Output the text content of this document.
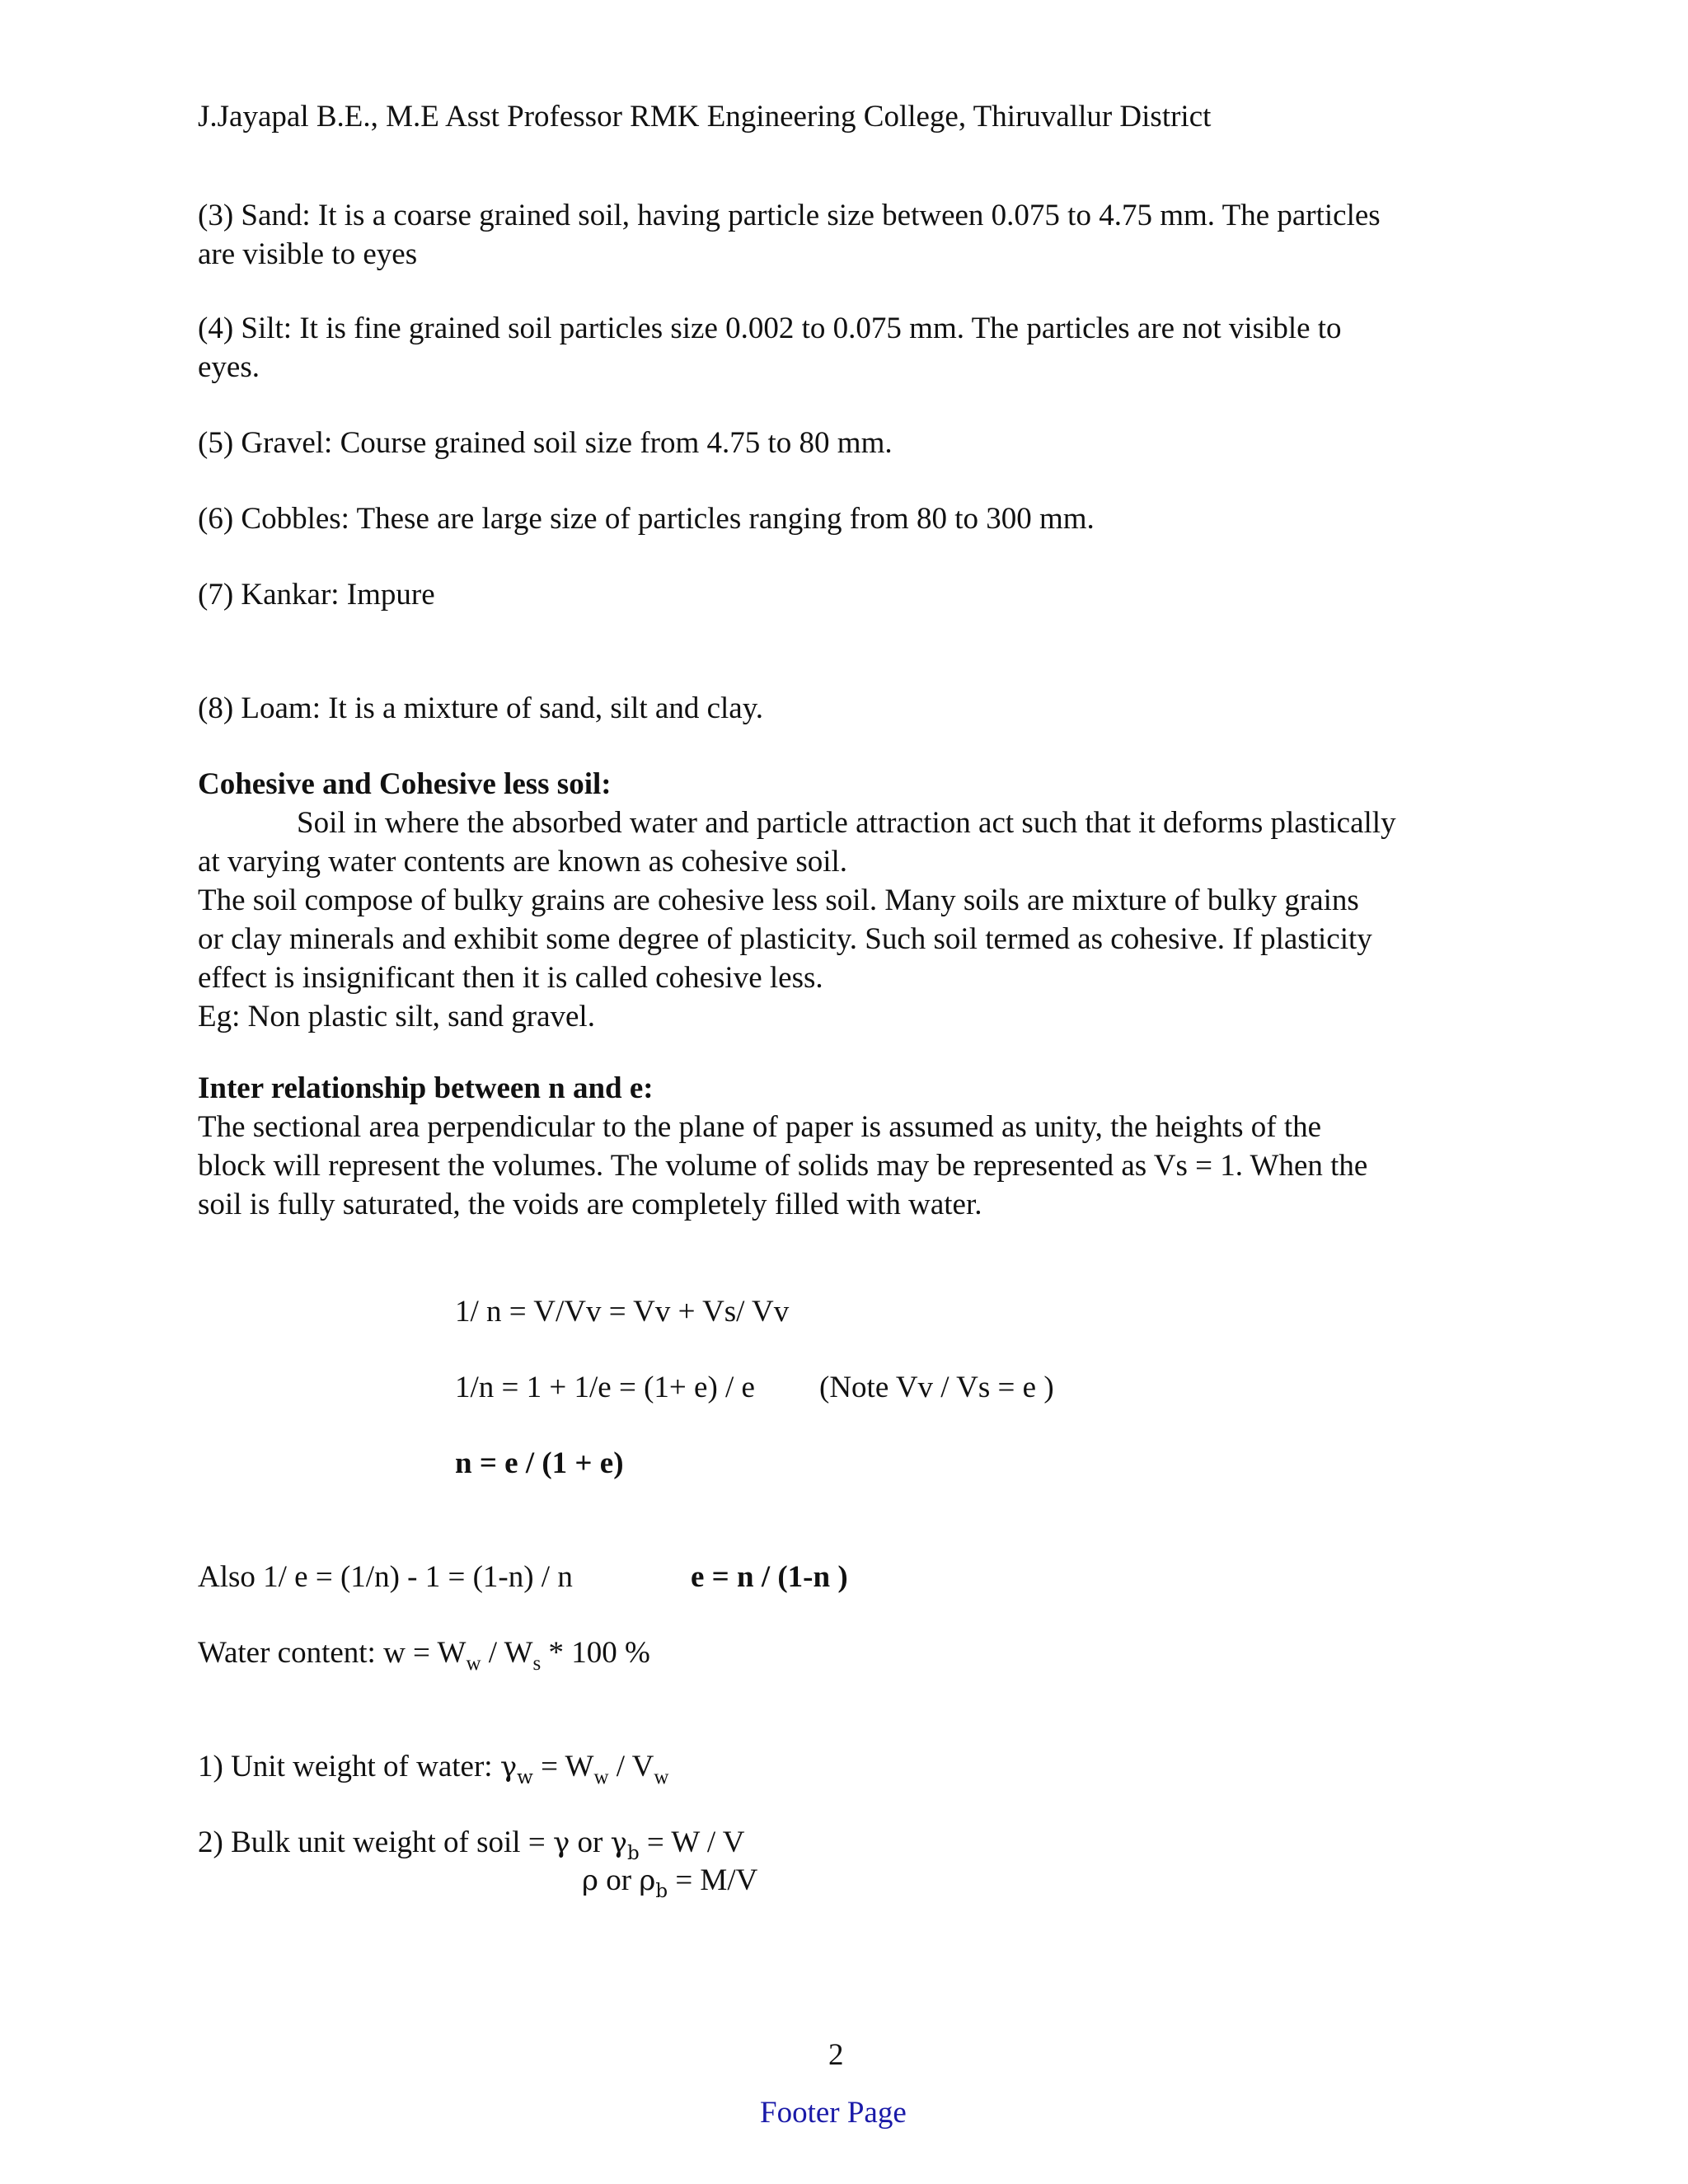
J.Jayapal B.E., M.E Asst Professor RMK Engineering College, Thiruvallur District
(3) Sand: It is a coarse grained soil, having particle size between 0.075 to 4.75 mm. The particles
are visible to eyes
(4) Silt: It is fine grained soil particles size 0.002 to 0.075 mm. The particles are not visible to
eyes.
(5) Gravel: Course grained soil size from 4.75 to 80 mm.
(6) Cobbles: These are large size of particles ranging from 80 to 300 mm.
(7) Kankar: Impure
(8) Loam: It is a mixture of sand, silt and clay.
Cohesive and Cohesive less soil:
Soil in where the absorbed water and particle attraction act such that it deforms plastically
at varying water contents are known as cohesive soil.
The soil compose of bulky grains are cohesive less soil. Many soils are mixture of bulky grains
or clay minerals and exhibit some degree of plasticity. Such soil termed as cohesive. If plasticity
effect is insignificant then it is called cohesive less.
Eg: Non plastic silt, sand gravel.
Inter relationship between n and e:
The sectional area perpendicular to the plane of paper is assumed as unity, the heights of the
block will represent the volumes. The volume of solids may be represented as Vs = 1. When the
soil is fully saturated, the voids are completely filled with water.
1/ n = V/Vv = Vv + Vs/ Vv
1/n = 1 + 1/e = (1+ e) / e (Note Vv / Vs = e )
n = e / (1 + e)
Also 1/ e = (1/n) - 1 = (1-n) / n	e = n / (1-n )
Water content: $w = W_w / W_s * 100$ %
1) Unit weight of water: $\gamma_w = W_w / V_w$
2) Bulk unit weight of soil = γ or $\gamma_b = W / V$
ρ or $\rho_b = M/V$
2
Footer Page
